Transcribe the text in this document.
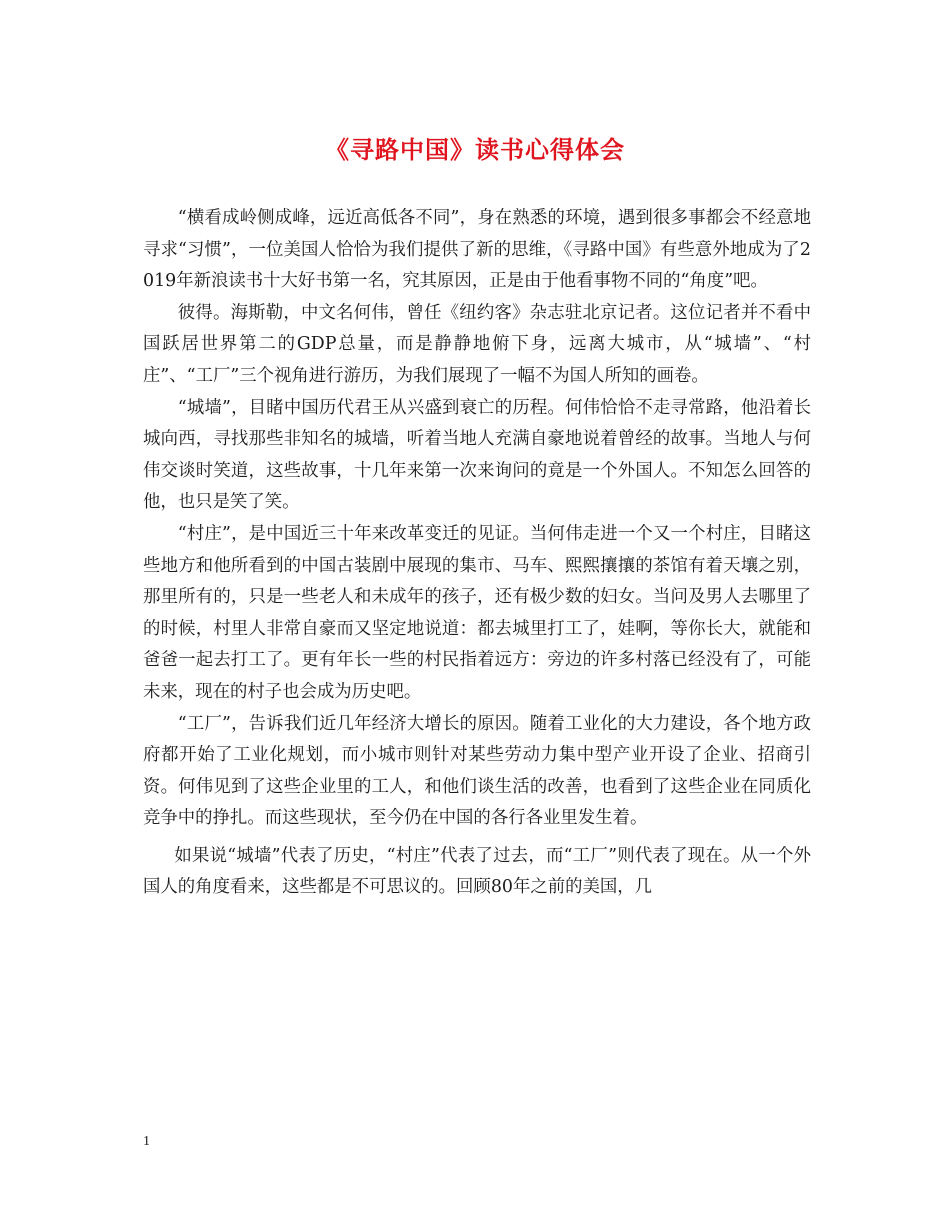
《寻路中国》读书心得体会

“横看成岭侧成峰，远近高低各不同”，身在熟悉的环境，遇到很多事都会不经意地寻求“习惯”，一位美国人恰恰为我们提供了新的思维，《寻路中国》有些意外地成为了2019年新浪读书十大好书第一名，究其原因，正是由于他看事物不同的“角度”吧。

彼得。海斯勒，中文名何伟，曾任《纽约客》杂志驻北京记者。这位记者并不看中国跃居世界第二的GDP总量，而是静静地俯下身，远离大城市，从“城墙”、“村庄”、“工厂”三个视角进行游历，为我们展现了一幅不为国人所知的画卷。

“城墙”，目睹中国历代君王从兴盛到衰亡的历程。何伟恰恰不走寻常路，他沿着长城向西，寻找那些非知名的城墙，听着当地人充满自豪地说着曾经的故事。当地人与何伟交谈时笑道，这些故事，十几年来第一次来询问的竟是一个外国人。不知怎么回答的他，也只是笑了笑。

“村庄”，是中国近三十年来改革变迁的见证。当何伟走进一个又一个村庄，目睹这些地方和他所看到的中国古装剧中展现的集市、马车、熙熙攘攘的茶馆有着天壤之别，那里所有的，只是一些老人和未成年的孩子，还有极少数的妇女。当问及男人去哪里了的时候，村里人非常自豪而又坚定地说道：都去城里打工了，娃啊，等你长大，就能和爸爸一起去打工了。更有年长一些的村民指着远方：旁边的许多村落已经没有了，可能未来，现在的村子也会成为历史吧。

“工厂”，告诉我们近几年经济大增长的原因。随着工业化的大力建设，各个地方政府都开始了工业化规划，而小城市则针对某些劳动力集中型产业开设了企业、招商引资。何伟见到了这些企业里的工人，和他们谈生活的改善，也看到了这些企业在同质化竞争中的挣扎。而这些现状，至今仍在中国的各行各业里发生着。

如果说“城墙”代表了历史，“村庄”代表了过去，而“工厂”则代表了现在。从一个外国人的角度看来，这些都是不可思议的。回顾80年之前的美国，几

1
